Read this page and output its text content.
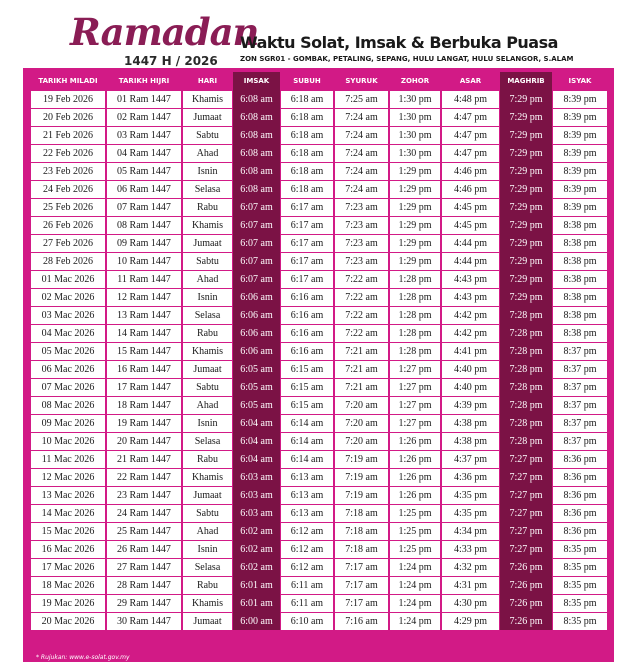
Ramadan
1447 H / 2026
Waktu Solat, Imsak & Berbuka Puasa
ZON SGR01 - GOMBAK, PETALING, SEPANG, HULU LANGAT, HULU SELANGOR, S.ALAM
TARIKH MILADI	TARIKH HIJRI	HARI	IMSAK	SUBUH	SYURUK	ZOHOR	ASAR	MAGHRIB	ISYAK
19 Feb 2026	01 Ram 1447	Khamis	6:08 am	6:18 am	7:25 am	1:30 pm	4:48 pm	7:29 pm	8:39 pm
20 Feb 2026	02 Ram 1447	Jumaat	6:08 am	6:18 am	7:24 am	1:30 pm	4:47 pm	7:29 pm	8:39 pm
21 Feb 2026	03 Ram 1447	Sabtu	6:08 am	6:18 am	7:24 am	1:30 pm	4:47 pm	7:29 pm	8:39 pm
22 Feb 2026	04 Ram 1447	Ahad	6:08 am	6:18 am	7:24 am	1:30 pm	4:47 pm	7:29 pm	8:39 pm
23 Feb 2026	05 Ram 1447	Isnin	6:08 am	6:18 am	7:24 am	1:29 pm	4:46 pm	7:29 pm	8:39 pm
24 Feb 2026	06 Ram 1447	Selasa	6:08 am	6:18 am	7:24 am	1:29 pm	4:46 pm	7:29 pm	8:39 pm
25 Feb 2026	07 Ram 1447	Rabu	6:07 am	6:17 am	7:23 am	1:29 pm	4:45 pm	7:29 pm	8:39 pm
26 Feb 2026	08 Ram 1447	Khamis	6:07 am	6:17 am	7:23 am	1:29 pm	4:45 pm	7:29 pm	8:38 pm
27 Feb 2026	09 Ram 1447	Jumaat	6:07 am	6:17 am	7:23 am	1:29 pm	4:44 pm	7:29 pm	8:38 pm
28 Feb 2026	10 Ram 1447	Sabtu	6:07 am	6:17 am	7:23 am	1:29 pm	4:44 pm	7:29 pm	8:38 pm
01 Mac 2026	11 Ram 1447	Ahad	6:07 am	6:17 am	7:22 am	1:28 pm	4:43 pm	7:29 pm	8:38 pm
02 Mac 2026	12 Ram 1447	Isnin	6:06 am	6:16 am	7:22 am	1:28 pm	4:43 pm	7:29 pm	8:38 pm
03 Mac 2026	13 Ram 1447	Selasa	6:06 am	6:16 am	7:22 am	1:28 pm	4:42 pm	7:28 pm	8:38 pm
04 Mac 2026	14 Ram 1447	Rabu	6:06 am	6:16 am	7:22 am	1:28 pm	4:42 pm	7:28 pm	8:38 pm
05 Mac 2026	15 Ram 1447	Khamis	6:06 am	6:16 am	7:21 am	1:28 pm	4:41 pm	7:28 pm	8:37 pm
06 Mac 2026	16 Ram 1447	Jumaat	6:05 am	6:15 am	7:21 am	1:27 pm	4:40 pm	7:28 pm	8:37 pm
07 Mac 2026	17 Ram 1447	Sabtu	6:05 am	6:15 am	7:21 am	1:27 pm	4:40 pm	7:28 pm	8:37 pm
08 Mac 2026	18 Ram 1447	Ahad	6:05 am	6:15 am	7:20 am	1:27 pm	4:39 pm	7:28 pm	8:37 pm
09 Mac 2026	19 Ram 1447	Isnin	6:04 am	6:14 am	7:20 am	1:27 pm	4:38 pm	7:28 pm	8:37 pm
10 Mac 2026	20 Ram 1447	Selasa	6:04 am	6:14 am	7:20 am	1:26 pm	4:38 pm	7:28 pm	8:37 pm
11 Mac 2026	21 Ram 1447	Rabu	6:04 am	6:14 am	7:19 am	1:26 pm	4:37 pm	7:27 pm	8:36 pm
12 Mac 2026	22 Ram 1447	Khamis	6:03 am	6:13 am	7:19 am	1:26 pm	4:36 pm	7:27 pm	8:36 pm
13 Mac 2026	23 Ram 1447	Jumaat	6:03 am	6:13 am	7:19 am	1:26 pm	4:35 pm	7:27 pm	8:36 pm
14 Mac 2026	24 Ram 1447	Sabtu	6:03 am	6:13 am	7:18 am	1:25 pm	4:35 pm	7:27 pm	8:36 pm
15 Mac 2026	25 Ram 1447	Ahad	6:02 am	6:12 am	7:18 am	1:25 pm	4:34 pm	7:27 pm	8:36 pm
16 Mac 2026	26 Ram 1447	Isnin	6:02 am	6:12 am	7:18 am	1:25 pm	4:33 pm	7:27 pm	8:35 pm
17 Mac 2026	27 Ram 1447	Selasa	6:02 am	6:12 am	7:17 am	1:24 pm	4:32 pm	7:26 pm	8:35 pm
18 Mac 2026	28 Ram 1447	Rabu	6:01 am	6:11 am	7:17 am	1:24 pm	4:31 pm	7:26 pm	8:35 pm
19 Mac 2026	29 Ram 1447	Khamis	6:01 am	6:11 am	7:17 am	1:24 pm	4:30 pm	7:26 pm	8:35 pm
20 Mac 2026	30 Ram 1447	Jumaat	6:00 am	6:10 am	7:16 am	1:24 pm	4:29 pm	7:26 pm	8:35 pm
* Rujukan: www.e-solat.gov.my
